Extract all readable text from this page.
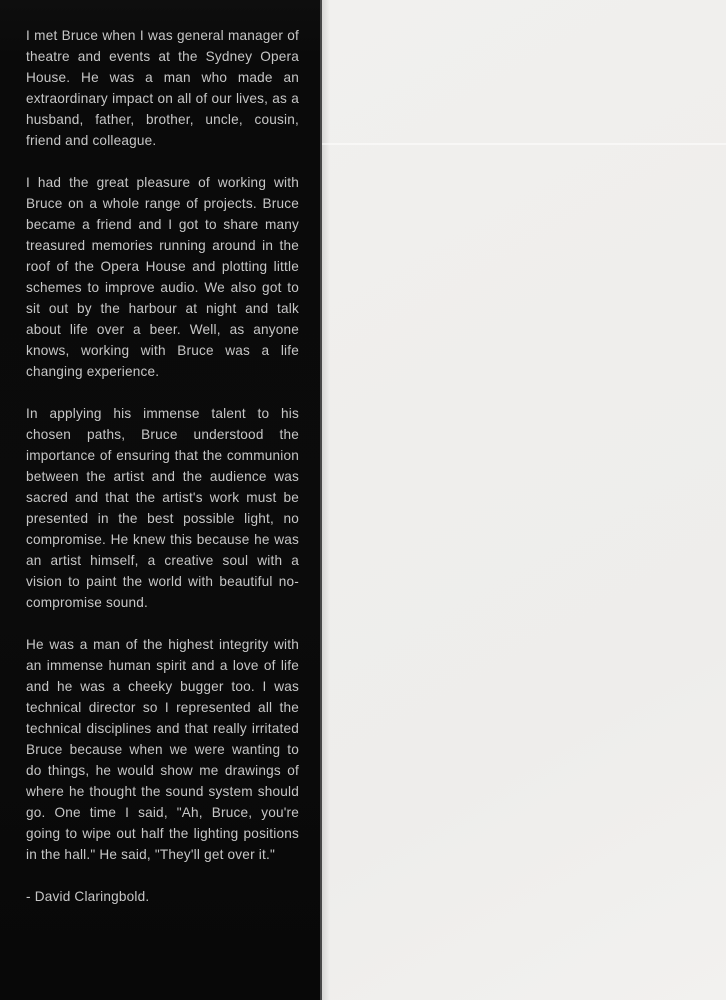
I met Bruce when I was general manager of theatre and events at the Sydney Opera House. He was a man who made an extraordinary impact on all of our lives, as a husband, father, brother, uncle, cousin, friend and colleague.

I had the great pleasure of working with Bruce on a whole range of projects. Bruce became a friend and I got to share many treasured memories running around in the roof of the Opera House and plotting little schemes to improve audio. We also got to sit out by the harbour at night and talk about life over a beer. Well, as anyone knows, working with Bruce was a life changing experience.

In applying his immense talent to his chosen paths, Bruce understood the importance of ensuring that the communion between the artist and the audience was sacred and that the artist's work must be presented in the best possible light, no compromise. He knew this because he was an artist himself, a creative soul with a vision to paint the world with beautiful no-compromise sound.

He was a man of the highest integrity with an immense human spirit and a love of life and he was a cheeky bugger too. I was technical director so I represented all the technical disciplines and that really irritated Bruce because when we were wanting to do things, he would show me drawings of where he thought the sound system should go. One time I said, "Ah, Bruce, you're going to wipe out half the lighting positions in the hall." He said, "They'll get over it."

- David Claringbold.
